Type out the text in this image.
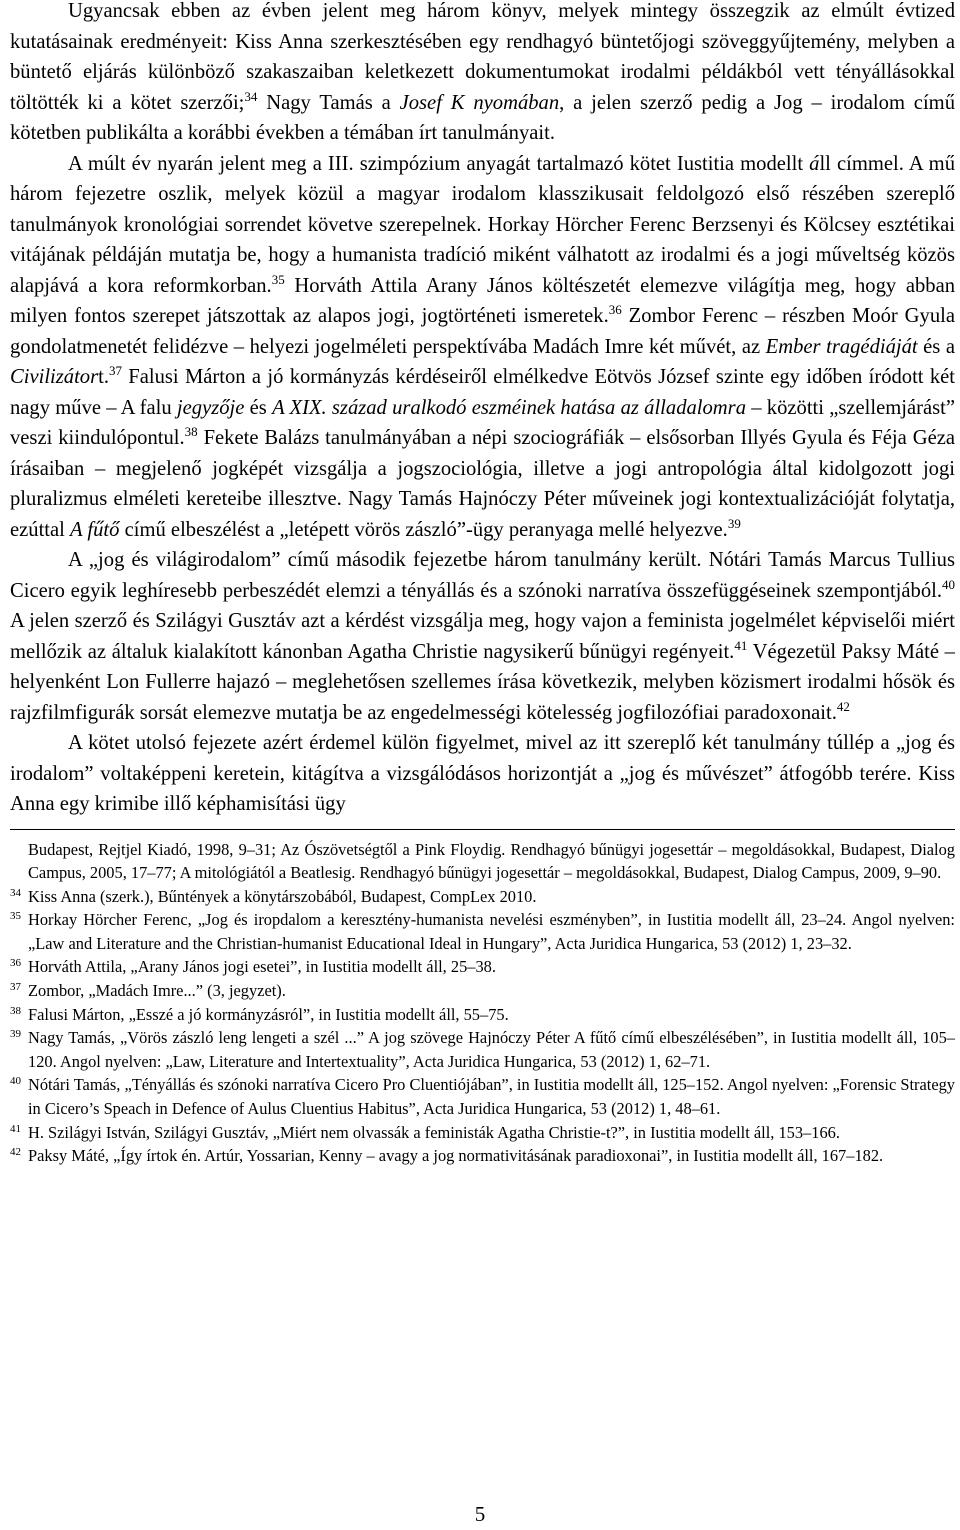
Ugyancsak ebben az évben jelent meg három könyv, melyek mintegy összegzik az elmúlt évtized kutatásainak eredményeit: Kiss Anna szerkesztésében egy rendhagyó büntetőjogi szöveggyűjtemény, melyben a büntető eljárás különböző szakaszaiban keletkezett dokumentumokat irodalmi példákból vett tényállásokkal töltötték ki a kötet szerzői;$^{34}$ Nagy Tamás a Josef K nyomában, a jelen szerző pedig a Jog – irodalom című kötetben publikálta a korábbi években a témában írt tanulmányait.

A múlt év nyarán jelent meg a III. szimpózium anyagát tartalmazó kötet Iustitia modellt áll címmel. A mű három fejezetre oszlik, melyek közül a magyar irodalom klasszikusait feldolgozó első részében szereplő tanulmányok kronológiai sorrendet követve szerepelnek. Horkay Hörcher Ferenc Berzsenyi és Kölcsey esztétikai vitájának példáján mutatja be, hogy a humanista tradíció miként válhatott az irodalmi és a jogi műveltség közös alapjává a kora reformkorban.$^{35}$ Horváth Attila Arany János költészetét elemezve világítja meg, hogy abban milyen fontos szerepet játszottak az alapos jogi, jogtörténeti ismeretek.$^{36}$ Zombor Ferenc – részben Moór Gyula gondolatmenetét felidézve – helyezi jogelméleti perspektívába Madách Imre két művét, az Ember tragédiáját és a Civilizátort.$^{37}$ Falusi Márton a jó kormányzás kérdéseiről elmélkedve Eötvös József szinte egy időben íródott két nagy műve – A falu jegyzője és A XIX. század uralkodó eszméinek hatása az álladalomra – közötti „szellemjárást” veszi kiindulópontul.$^{38}$ Fekete Balázs tanulmányában a népi szociográfiák – elsősorban Illyés Gyula és Féja Géza írásaiban – megjelenő jogképét vizsgálja a jogszociológia, illetve a jogi antropológia által kidolgozott jogi pluralizmus elméleti kereteibe illesztve. Nagy Tamás Hajnóczy Péter műveinek jogi kontextualizációját folytatja, ezúttal A fűtő című elbeszélést a „letépett vörös zászló”-ügy peranyaga mellé helyezve.$^{39}$

A „jog és világirodalom” című második fejezetbe három tanulmány került. Nótári Tamás Marcus Tullius Cicero egyik leghíresebb perbeszédét elemzi a tényállás és a szónoki narratíva összefüggéseinek szempontjából.$^{40}$ A jelen szerző és Szilágyi Gusztáv azt a kérdést vizsgálja meg, hogy vajon a feminista jogelmélet képviselői miért mellőzik az általuk kialakított kánonban Agatha Christie nagysikerű bűnügyi regényeit.$^{41}$ Végezetül Paksy Máté – helyenként Lon Fullerre hajazó – meglehetősen szellemes írása következik, melyben közismert irodalmi hősök és rajzfilmfigurák sorsát elemezve mutatja be az engedelmességi kötelesség jogfilozófiai paradoxonait.$^{42}$

A kötet utolsó fejezete azért érdemel külön figyelmet, mivel az itt szereplő két tanulmány túllép a „jog és irodalom” voltaképpeni keretein, kitágítva a vizsgálódásos horizontját a „jog és művészet” átfogóbb terére. Kiss Anna egy krimibe illő képhamisítási ügy

Budapest, Rejtjel Kiadó, 1998, 9–31; Az Ószövetségtől a Pink Floydig. Rendhagyó bűnügyi jogesettár – megoldásokkal, Budapest, Dialog Campus, 2005, 17–77; A mitológiától a Beatlesig. Rendhagyó bűnügyi jogesettár – megoldásokkal, Budapest, Dialog Campus, 2009, 9–90.
34 Kiss Anna (szerk.), Bűntények a könytárszobából, Budapest, CompLex 2010.
35 Horkay Hörcher Ferenc, „Jog és iropdalom a keresztény-humanista nevelési eszményben”, in Iustitia modellt áll, 23–24. Angol nyelven: „Law and Literature and the Christian-humanist Educational Ideal in Hungary”, Acta Juridica Hungarica, 53 (2012) 1, 23–32.
36 Horváth Attila, „Arany János jogi esetei”, in Iustitia modellt áll, 25–38.
37 Zombor, „Madách Imre...” (3, jegyzet).
38 Falusi Márton, „Esszé a jó kormányzásról”, in Iustitia modellt áll, 55–75.
39 Nagy Tamás, „Vörös zászló leng lengeti a szél ...” A jog szövege Hajnóczy Péter A fűtő című elbeszélésében”, in Iustitia modellt áll, 105–120. Angol nyelven: „Law, Literature and Intertextuality”, Acta Juridica Hungarica, 53 (2012) 1, 62–71.
40 Nótári Tamás, „Tényállás és szónoki narratíva Cicero Pro Cluentiójában”, in Iustitia modellt áll, 125–152. Angol nyelven: „Forensic Strategy in Cicero’s Speach in Defence of Aulus Cluentius Habitus”, Acta Juridica Hungarica, 53 (2012) 1, 48–61.
41 H. Szilágyi István, Szilágyi Gusztáv, „Miért nem olvassák a feministák Agatha Christie-t?”, in Iustitia modellt áll, 153–166.
42 Paksy Máté, „Így írtok én. Artúr, Yossarian, Kenny – avagy a jog normativitásának paradioxonai”, in Iustitia modellt áll, 167–182.
5
